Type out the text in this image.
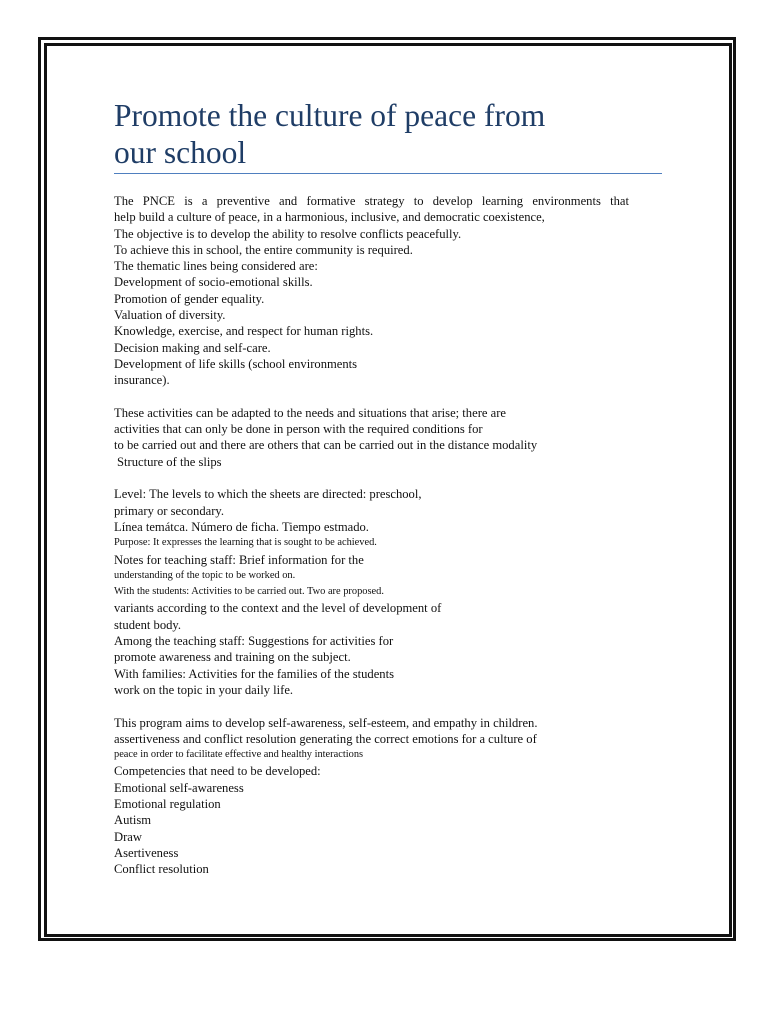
Promote the culture of peace from
our school
The PNCE is a preventive and formative strategy to develop learning environments that
help build a culture of peace, in a harmonious, inclusive, and democratic coexistence,
The objective is to develop the ability to resolve conflicts peacefully.
To achieve this in school, the entire community is required.
The thematic lines being considered are:
Development of socio-emotional skills.
Promotion of gender equality.
Valuation of diversity.
Knowledge, exercise, and respect for human rights.
Decision making and self-care.
Development of life skills (school environments
insurance).
These activities can be adapted to the needs and situations that arise; there are
activities that can only be done in person with the required conditions for
to be carried out and there are others that can be carried out in the distance modality
Structure of the slips
Level: The levels to which the sheets are directed: preschool,
primary or secondary.
Línea temátca. Número de ficha. Tiempo estmado.
Purpose: It expresses the learning that is sought to be achieved.
Notes for teaching staff: Brief information for the
understanding of the topic to be worked on.
With the students: Activities to be carried out. Two are proposed.
variants according to the context and the level of development of
student body.
Among the teaching staff: Suggestions for activities for
promote awareness and training on the subject.
With families: Activities for the families of the students
work on the topic in your daily life.
This program aims to develop self-awareness, self-esteem, and empathy in children.
assertiveness and conflict resolution generating the correct emotions for a culture of
peace in order to facilitate effective and healthy interactions
Competencies that need to be developed:
Emotional self-awareness
Emotional regulation
Autism
Draw
Asertiveness
Conflict resolution
